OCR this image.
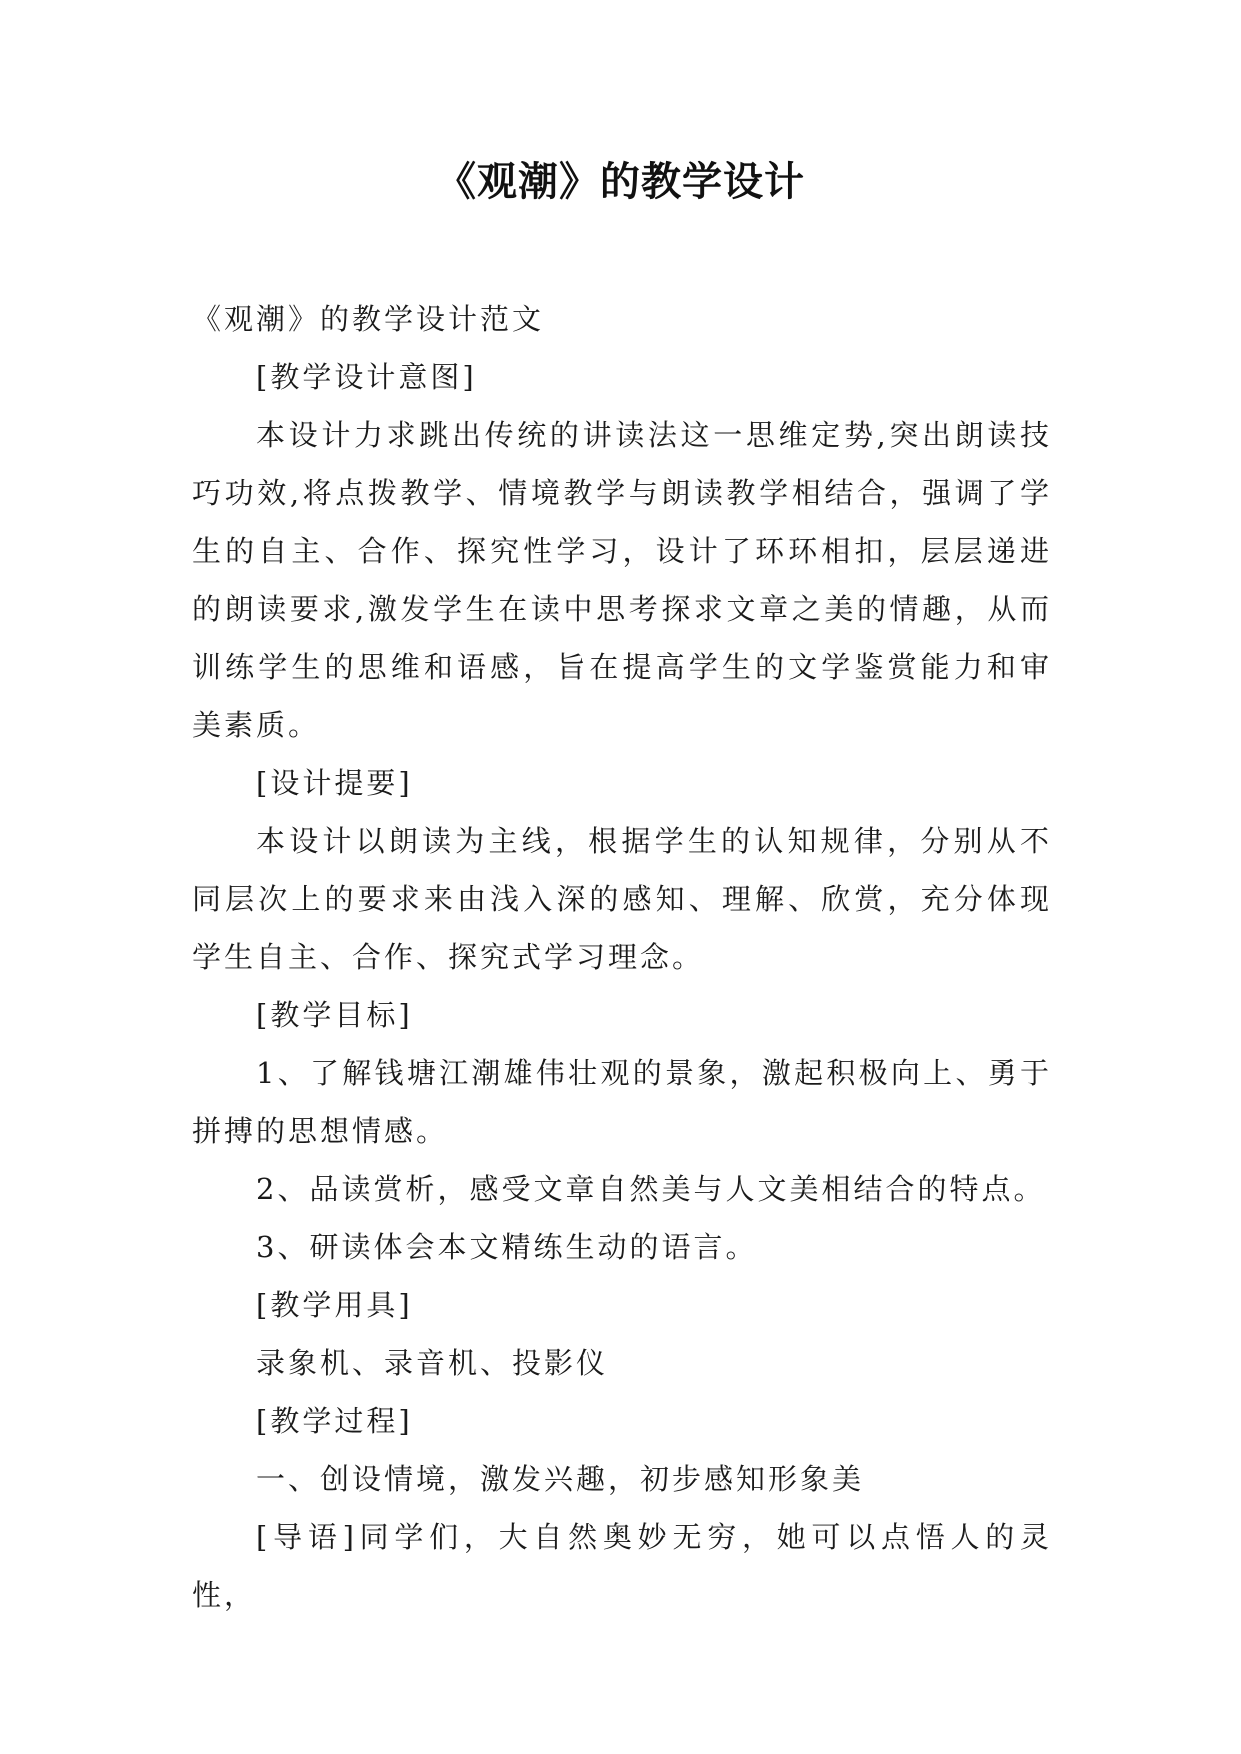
《观潮》的教学设计

《观潮》的教学设计范文

[教学设计意图]

本设计力求跳出传统的讲读法这一思维定势,突出朗读技巧功效,将点拨教学、情境教学与朗读教学相结合，强调了学生的自主、合作、探究性学习，设计了环环相扣，层层递进的朗读要求,激发学生在读中思考探求文章之美的情趣，从而训练学生的思维和语感，旨在提高学生的文学鉴赏能力和审美素质。

[设计提要]

本设计以朗读为主线，根据学生的认知规律，分别从不同层次上的要求来由浅入深的感知、理解、欣赏，充分体现学生自主、合作、探究式学习理念。

[教学目标]

1、了解钱塘江潮雄伟壮观的景象，激起积极向上、勇于拼搏的思想情感。

2、品读赏析，感受文章自然美与人文美相结合的特点。

3、研读体会本文精练生动的语言。

[教学用具]

录象机、录音机、投影仪

[教学过程]

一、创设情境，激发兴趣，初步感知形象美

[导语]同学们，大自然奥妙无穷，她可以点悟人的灵性，
